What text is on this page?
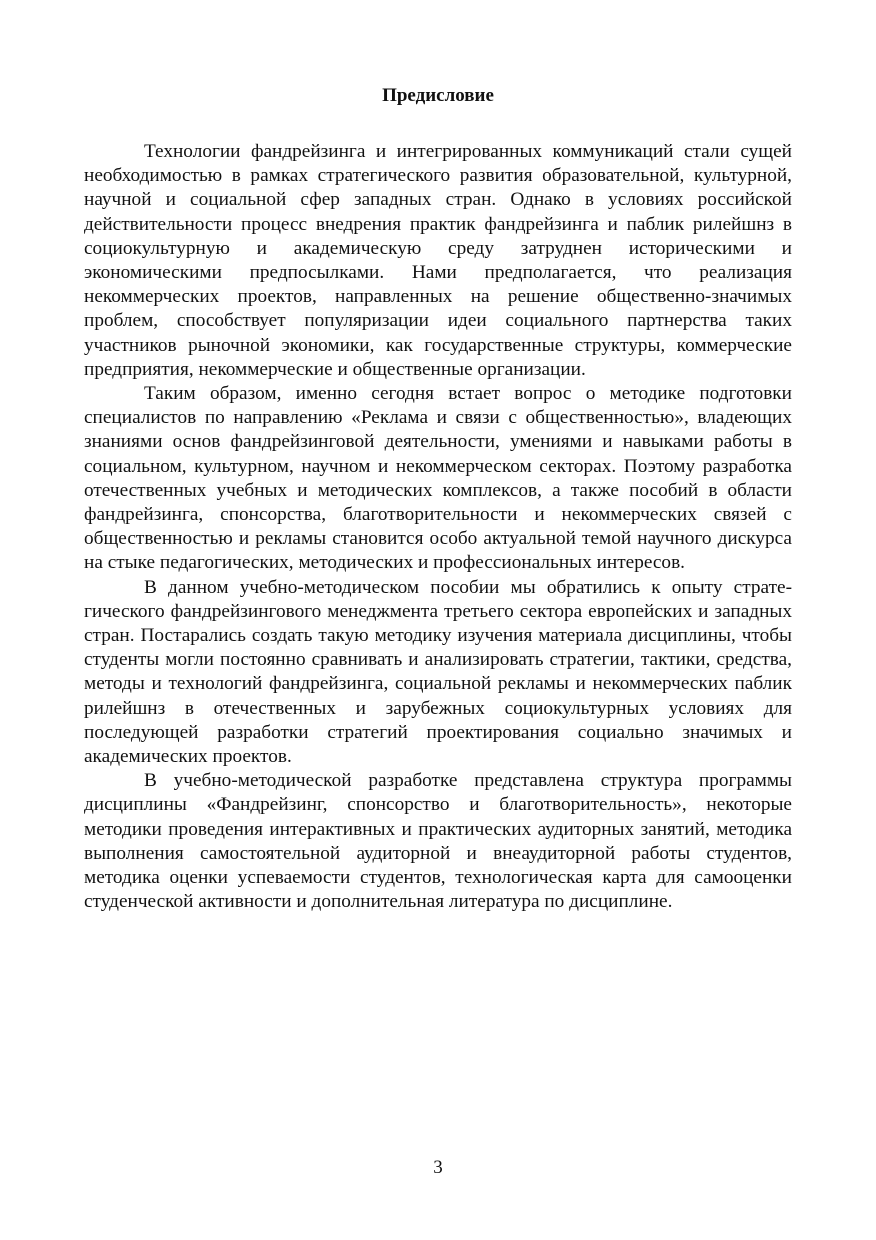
Предисловие

Технологии фандрейзинга и интегрированных коммуникаций стали сущей необходимостью в рамках стратегического развития образовательной, культурной, научной и социальной сфер западных стран. Однако в условиях российской действительности процесс внедрения практик фандрейзинга и паблик рилейшнз в социокультурную и академическую среду затруднен историческими и экономическими предпосылками. Нами предполагается, что реализация некоммерческих проектов, направленных на решение общественно-значимых проблем, способствует популяризации идеи социального партнерства таких участников рыночной экономики, как государственные структуры, коммерческие предприятия, некоммерческие и общественные организации.

Таким образом, именно сегодня встает вопрос о методике подготовки специалистов по направлению «Реклама и связи с общественностью», владеющих знаниями основ фандрейзинговой деятельности, умениями и навыками работы в социальном, культурном, научном и некоммерческом секторах. Поэтому разработка отечественных учебных и методических комплексов, а также пособий в области фандрейзинга, спонсорства, благотворительности и некоммерческих связей с общественностью и рекламы становится особо актуальной темой научного дискурса на стыке педагогических, методических и профессиональных интересов.

В данном учебно-методическом пособии мы обратились к опыту стратегического фандрейзингового менеджмента третьего сектора европейских и западных стран. Постарались создать такую методику изучения материала дисциплины, чтобы студенты могли постоянно сравнивать и анализировать стратегии, тактики, средства, методы и технологий фандрейзинга, социальной рекламы и некоммерческих паблик рилейшнз в отечественных и зарубежных социокультурных условиях для последующей разработки стратегий проектирования социально значимых и академических проектов.

В учебно-методической разработке представлена структура программы дисциплины «Фандрейзинг, спонсорство и благотворительность», некоторые методики проведения интерактивных и практических аудиторных занятий, методика выполнения самостоятельной аудиторной и внеаудиторной работы студентов, методика оценки успеваемости студентов, технологическая карта для самооценки студенческой активности и дополнительная литература по дисциплине.

3
